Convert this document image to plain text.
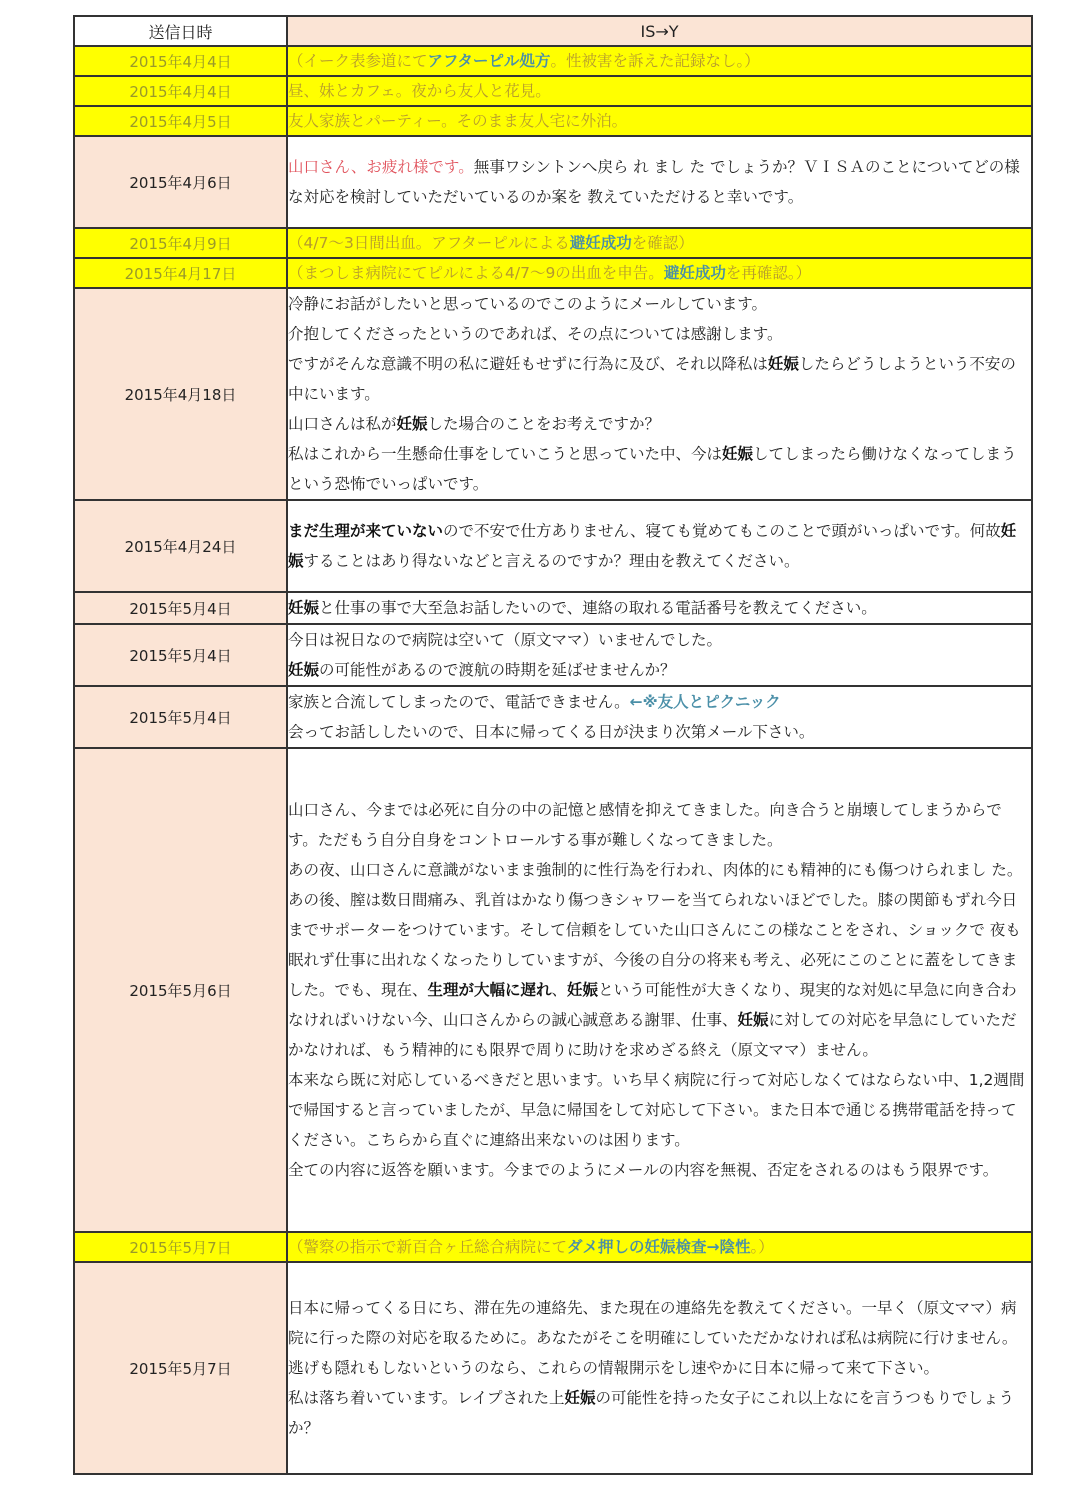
送信日時	IS→Y
2015年4月4日	（イーク表参道にてアフターピル処方。性被害を訴えた記録なし。）
2015年4月4日	昼、妹とカフェ。夜から友人と花見。
2015年4月5日	友人家族とパーティー。そのまま友人宅に外泊。
2015年4月6日	山口さん、お疲れ様です。無事ワシントンへ戻ら れ まし た でしょうか？ＶＩＳＡのことについてどの様 な対応を検討していただいているのか案を 教えていただけると幸いです。
2015年4月9日	（4/7～3日間出血。アフターピルによる避妊成功を確認）
2015年4月17日	（まつしま病院にてピルによる4/7～9の出血を申告。避妊成功を再確認。）
2015年4月18日	冷静にお話がしたいと思っているのでこのようにメールしています。
介抱してくださったというのであれば、その点については感謝します。
ですがそんな意識不明の私に避妊もせずに行為に及び、それ以降私は妊娠したらどうしようという不安の中にいます。
山口さんは私が妊娠した場合のことをお考えですか？
私はこれから一生懸命仕事をしていこうと思っていた中、今は妊娠してしまったら働けなくなってしまうという恐怖でいっぱいです。
2015年4月24日	まだ生理が来ていないので不安で仕方ありません、寝ても覚めてもこのことで頭がいっぱいです。何故妊娠することはあり得ないなどと言えるのですか？理由を教えてください。
2015年5月4日	妊娠と仕事の事で大至急お話したいので、連絡の取れる電話番号を教えてください。
2015年5月4日	今日は祝日なので病院は空いて（原文ママ）いませんでした。
妊娠の可能性があるので渡航の時期を延ばせませんか？
2015年5月4日	家族と合流してしまったので、電話できません。←※友人とピクニック
会ってお話ししたいので、日本に帰ってくる日が決まり次第メール下さい。
2015年5月6日	山口さん、今までは必死に自分の中の記憶と感情を抑えてきました。向き合うと崩壊してしまうからです。ただもう自分自身をコントロールする事が難しくなってきました。
あの夜、山口さんに意識がないまま強制的に性行為を行われ、肉体的にも精神的にも傷つけられまし た。あの後、膣は数日間痛み、乳首はかなり傷つきシャワーを当てられないほどでした。膝の関節もずれ今日までサポーターをつけています。そして信頼をしていた山口さんにこの様なことをされ、ショックで 夜も眠れず仕事に出れなくなったりしていますが、今後の自分の将来も考え、必死にこのことに蓋をしてきました。でも、現在、生理が大幅に遅れ、妊娠という可能性が大きくなり、現実的な対処に早急に向き合わなければいけない今、山口さんからの誠心誠意ある謝罪、仕事、妊娠に対しての対応を早急にしていただかなければ、もう精神的にも限界で周りに助けを求めざる終え（原文ママ）ません。
本来なら既に対応しているべきだと思います。いち早く病院に行って対応しなくてはならない中、1,2週間で帰国すると言っていましたが、早急に帰国をして対応して下さい。また日本で通じる携帯電話を持ってください。こちらから直ぐに連絡出来ないのは困ります。
全ての内容に返答を願います。今までのようにメールの内容を無視、否定をされるのはもう限界です。
2015年5月7日	（警察の指示で新百合ヶ丘総合病院にてダメ押しの妊娠検査→陰性。）
2015年5月7日	日本に帰ってくる日にち、滞在先の連絡先、また現在の連絡先を教えてください。一早く（原文ママ）病院に行った際の対応を取るために。あなたがそこを明確にしていただかなければ私は病院に行けません。
逃げも隠れもしないというのなら、これらの情報開示をし速やかに日本に帰って来て下さい。
私は落ち着いています。レイプされた上妊娠の可能性を持った女子にこれ以上なにを言うつもりでしょうか？
